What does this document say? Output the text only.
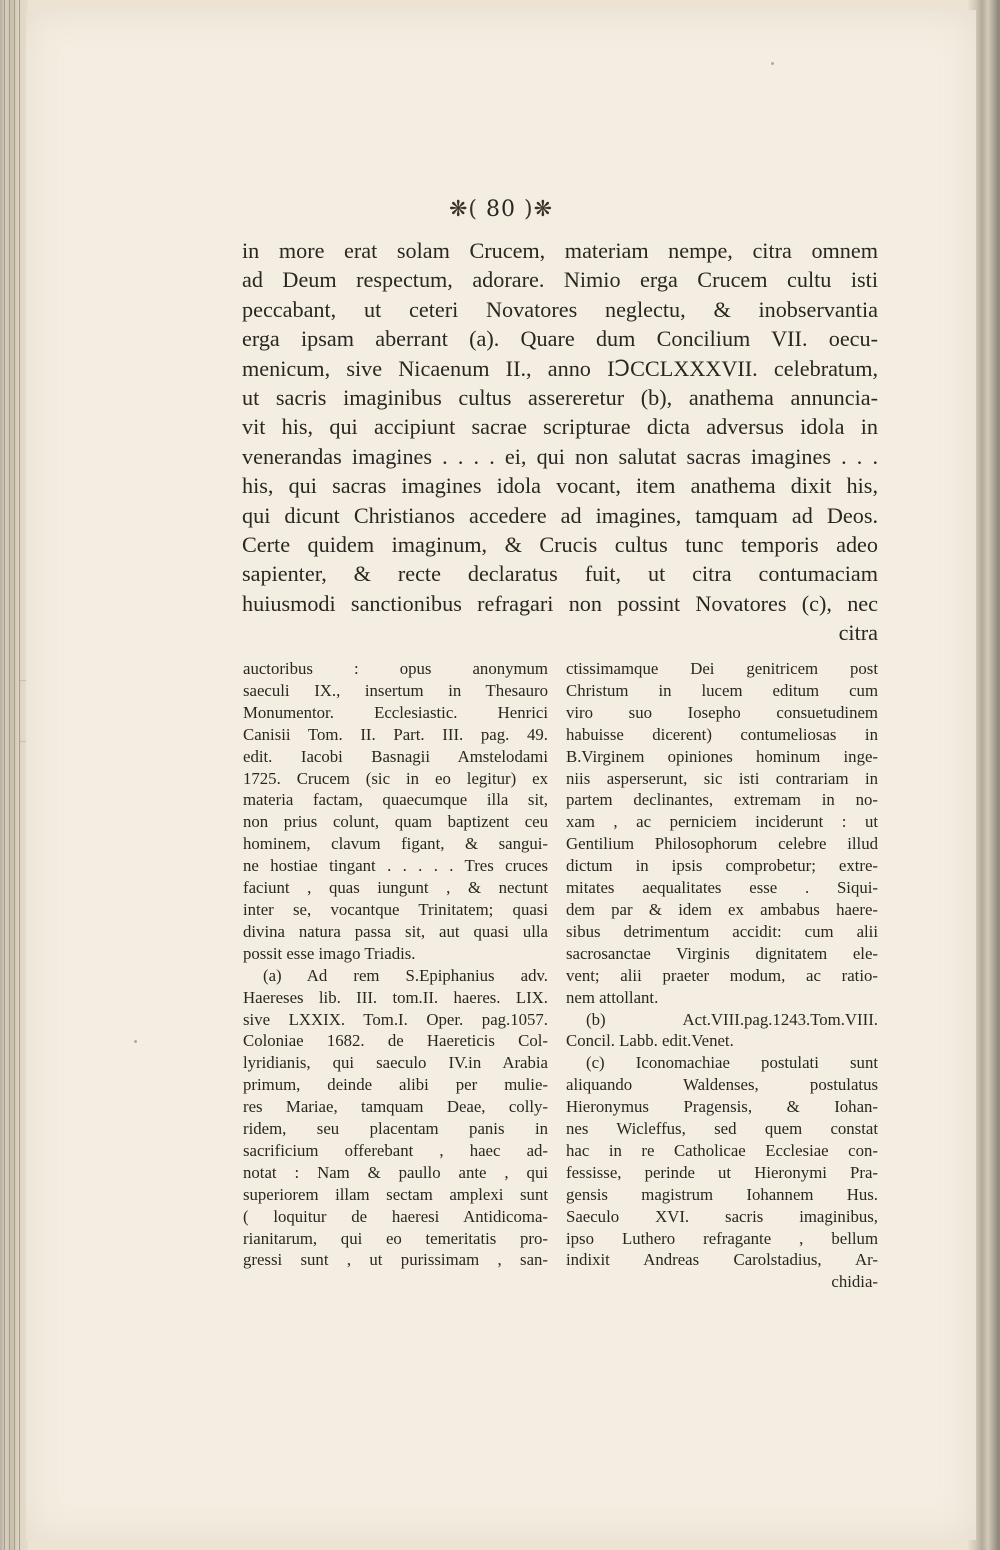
❋( 80 )❋

in more erat solam Crucem, materiam nempe, citra omnem

ad Deum respectum, adorare. Nimio erga Crucem cultu isti

peccabant, ut ceteri Novatores neglectu, & inobservantia

erga ipsam aberrant (a). Quare dum Concilium VII. oecu-

menicum, sive Nicaenum II., anno IↃCCLXXXVII. celebratum,

ut sacris imaginibus cultus assereretur (b), anathema annuncia-

vit his, qui accipiunt sacrae scripturae dicta adversus idola in

venerandas imagines . . . . ei, qui non salutat sacras imagines . . .

his, qui sacras imagines idola vocant, item anathema dixit his,

qui dicunt Christianos accedere ad imagines, tamquam ad Deos.

Certe quidem imaginum, & Crucis cultus tunc temporis adeo

sapienter, & recte declaratus fuit, ut citra contumaciam

huiusmodi sanctionibus refragari non possint Novatores (c), nec

citra

auctoribus : opus anonymum

saeculi IX., insertum in Thesauro

Monumentor. Ecclesiastic. Henrici

Canisii Tom. II. Part. III. pag. 49.

edit. Iacobi Basnagii Amstelodami

1725. Crucem (sic in eo legitur) ex

materia factam, quaecumque illa sit,

non prius colunt, quam baptizent ceu

hominem, clavum figant, & sangui-

ne hostiae tingant . . . . . Tres cruces

faciunt , quas iungunt , & nectunt

inter se, vocantque Trinitatem; quasi

divina natura passa sit, aut quasi ulla

possit esse imago Triadis.

(a) Ad rem S.Epiphanius adv.

Haereses lib. III. tom.II. haeres. LIX.

sive LXXIX. Tom.I. Oper. pag.1057.

Coloniae 1682. de Haereticis Col-

lyridianis, qui saeculo IV.in Arabia

primum, deinde alibi per mulie-

res Mariae, tamquam Deae, colly-

ridem, seu placentam panis in

sacrificium offerebant , haec ad-

notat : Nam & paullo ante , qui

superiorem illam sectam amplexi sunt

( loquitur de haeresi Antidicoma-

rianitarum, qui eo temeritatis pro-

gressi sunt , ut purissimam , san-

ctissimamque Dei genitricem post

Christum in lucem editum cum

viro suo Iosepho consuetudinem

habuisse dicerent) contumeliosas in

B.Virginem opiniones hominum inge-

niis asperserunt, sic isti contrariam in

partem declinantes, extremam in no-

xam , ac perniciem inciderunt : ut

Gentilium Philosophorum celebre illud

dictum in ipsis comprobetur; extre-

mitates aequalitates esse . Siqui-

dem par & idem ex ambabus haere-

sibus detrimentum accidit: cum alii

sacrosanctae Virginis dignitatem ele-

vent; alii praeter modum, ac ratio-

nem attollant.

(b) Act.VIII.pag.1243.Tom.VIII.

Concil. Labb. edit.Venet.

(c) Iconomachiae postulati sunt

aliquando Waldenses, postulatus

Hieronymus Pragensis, & Iohan-

nes Wicleffus, sed quem constat

hac in re Catholicae Ecclesiae con-

fessisse, perinde ut Hieronymi Pra-

gensis magistrum Iohannem Hus.

Saeculo XVI. sacris imaginibus,

ipso Luthero refragante , bellum

indixit Andreas Carolstadius, Ar-

chidia-
